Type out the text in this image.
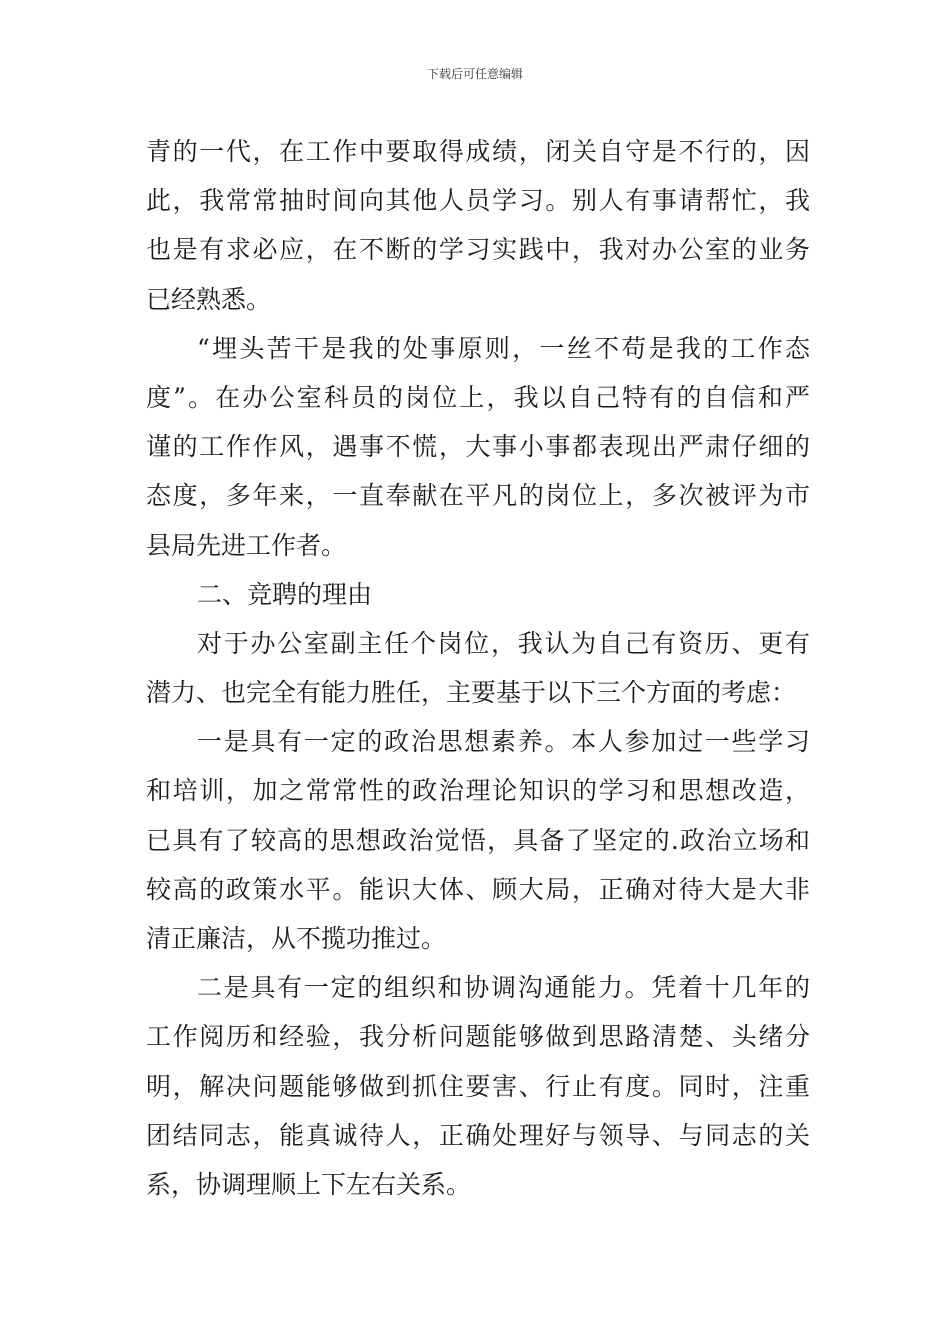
下载后可任意编辑
青的一代，在工作中要取得成绩，闭关自守是不行的，因
此，我常常抽时间向其他人员学习。别人有事请帮忙，我
也是有求必应，在不断的学习实践中，我对办公室的业务
已经熟悉。
“埋头苦干是我的处事原则，一丝不苟是我的工作态
度”。在办公室科员的岗位上，我以自己特有的自信和严
谨的工作作风，遇事不慌，大事小事都表现出严肃仔细的
态度，多年来，一直奉献在平凡的岗位上，多次被评为市
县局先进工作者。
二、竞聘的理由
对于办公室副主任个岗位，我认为自己有资历、更有
潜力、也完全有能力胜任，主要基于以下三个方面的考虑：
一是具有一定的政治思想素养。本人参加过一些学习
和培训，加之常常性的政治理论知识的学习和思想改造，
已具有了较高的思想政治觉悟，具备了坚定的.政治立场和
较高的政策水平。能识大体、顾大局，正确对待大是大非
清正廉洁，从不揽功推过。
二是具有一定的组织和协调沟通能力。凭着十几年的
工作阅历和经验，我分析问题能够做到思路清楚、头绪分
明，解决问题能够做到抓住要害、行止有度。同时，注重
团结同志，能真诚待人，正确处理好与领导、与同志的关
系，协调理顺上下左右关系。
